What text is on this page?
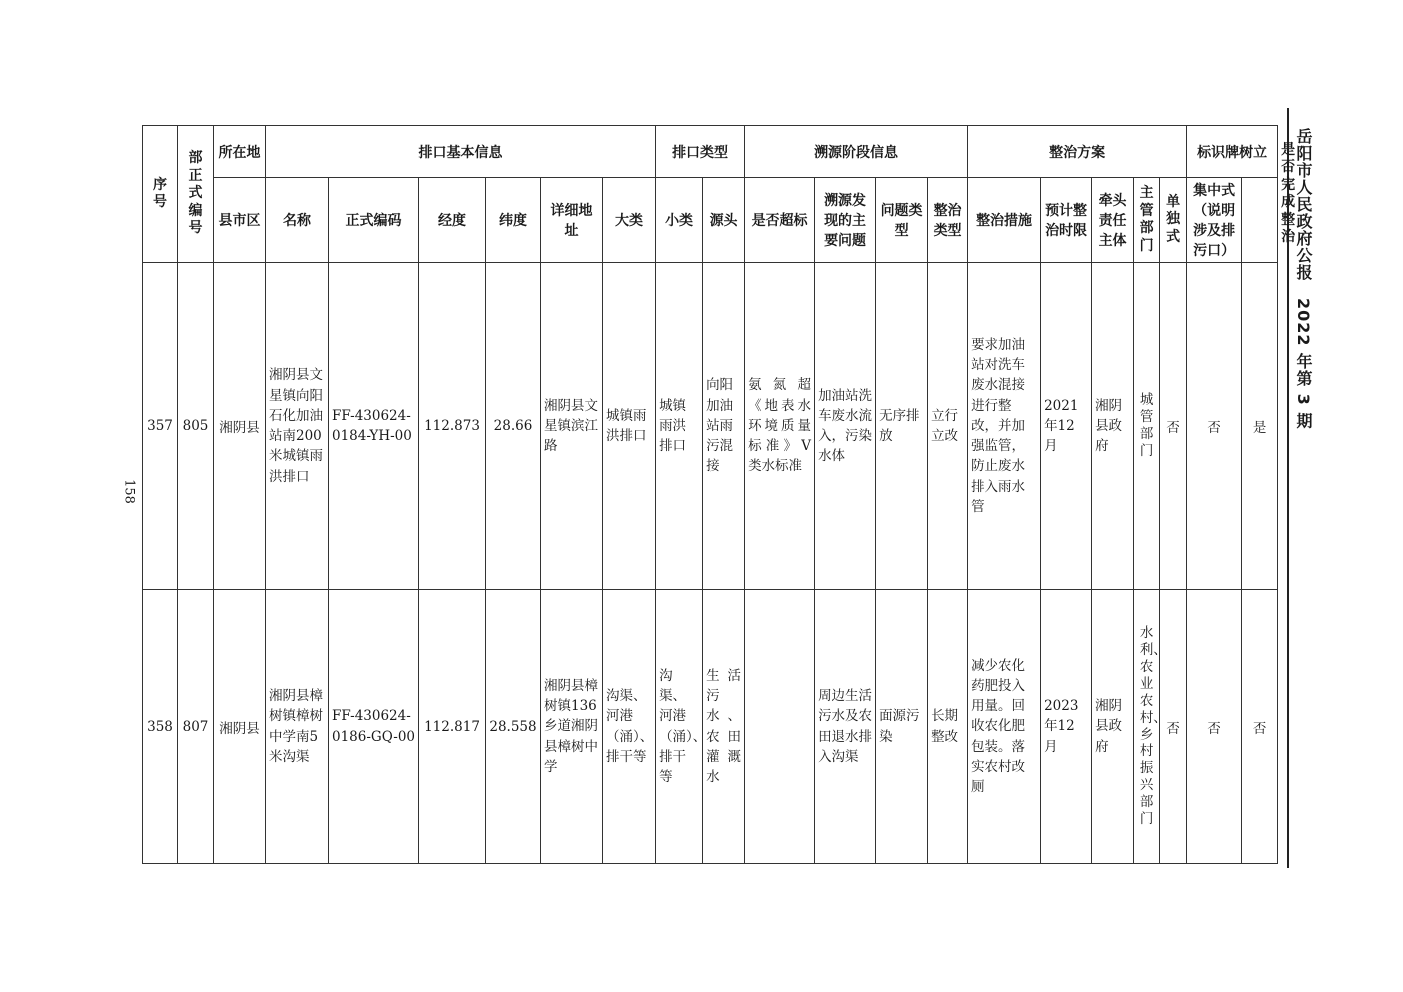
158
岳阳市人民政府公报　2022 年第 3 期
序号	部正式编号	所在地	排口基本信息						排口类型		溯源阶段信息				整治方案					标识牌树立		是否完成整治
		县市区	名称	正式编码	经度	纬度	详细地址	大类	小类	源头	是否超标	溯源发现的主要问题	问题类型	整治类型	整治措施	预计整治时限	牵头责任主体	主管部门	单独式	集中式（说明涉及排污口）		
357	805	湘阴县	湘阴县文星镇向阳石化加油站南200米城镇雨洪排口	FF-430624-0184-YH-00	112.873	28.66	湘阴县文星镇滨江路	城镇雨洪排口	城镇雨洪排口	向阳加油站雨污混接	氨氮超《地表水环境质量标准》Ⅴ类水标准	加油站洗车废水流入，污染水体	无序排放	立行立改	要求加油站对洗车废水混接进行整改，并加强监管，防止废水排入雨水管	2021年12月	湘阴县政府	城管部门	否	否	是	
358	807	湘阴县	湘阴县樟树镇樟树中学南5米沟渠	FF-430624-0186-GQ-00	112.817	28.558	湘阴县樟树镇136乡道湘阴县樟树中学	沟渠、河港（涌）、排干等	沟渠、河港（涌）、排干等	生活污水、农田灌溉水		周边生活污水及农田退水排入沟渠	面源污染	长期整改	减少农化药肥投入用量。回收农化肥包装。落实农村改厕	2023年12月	湘阴县政府	水利、农业农村、乡村振兴部门	否	否	否	
